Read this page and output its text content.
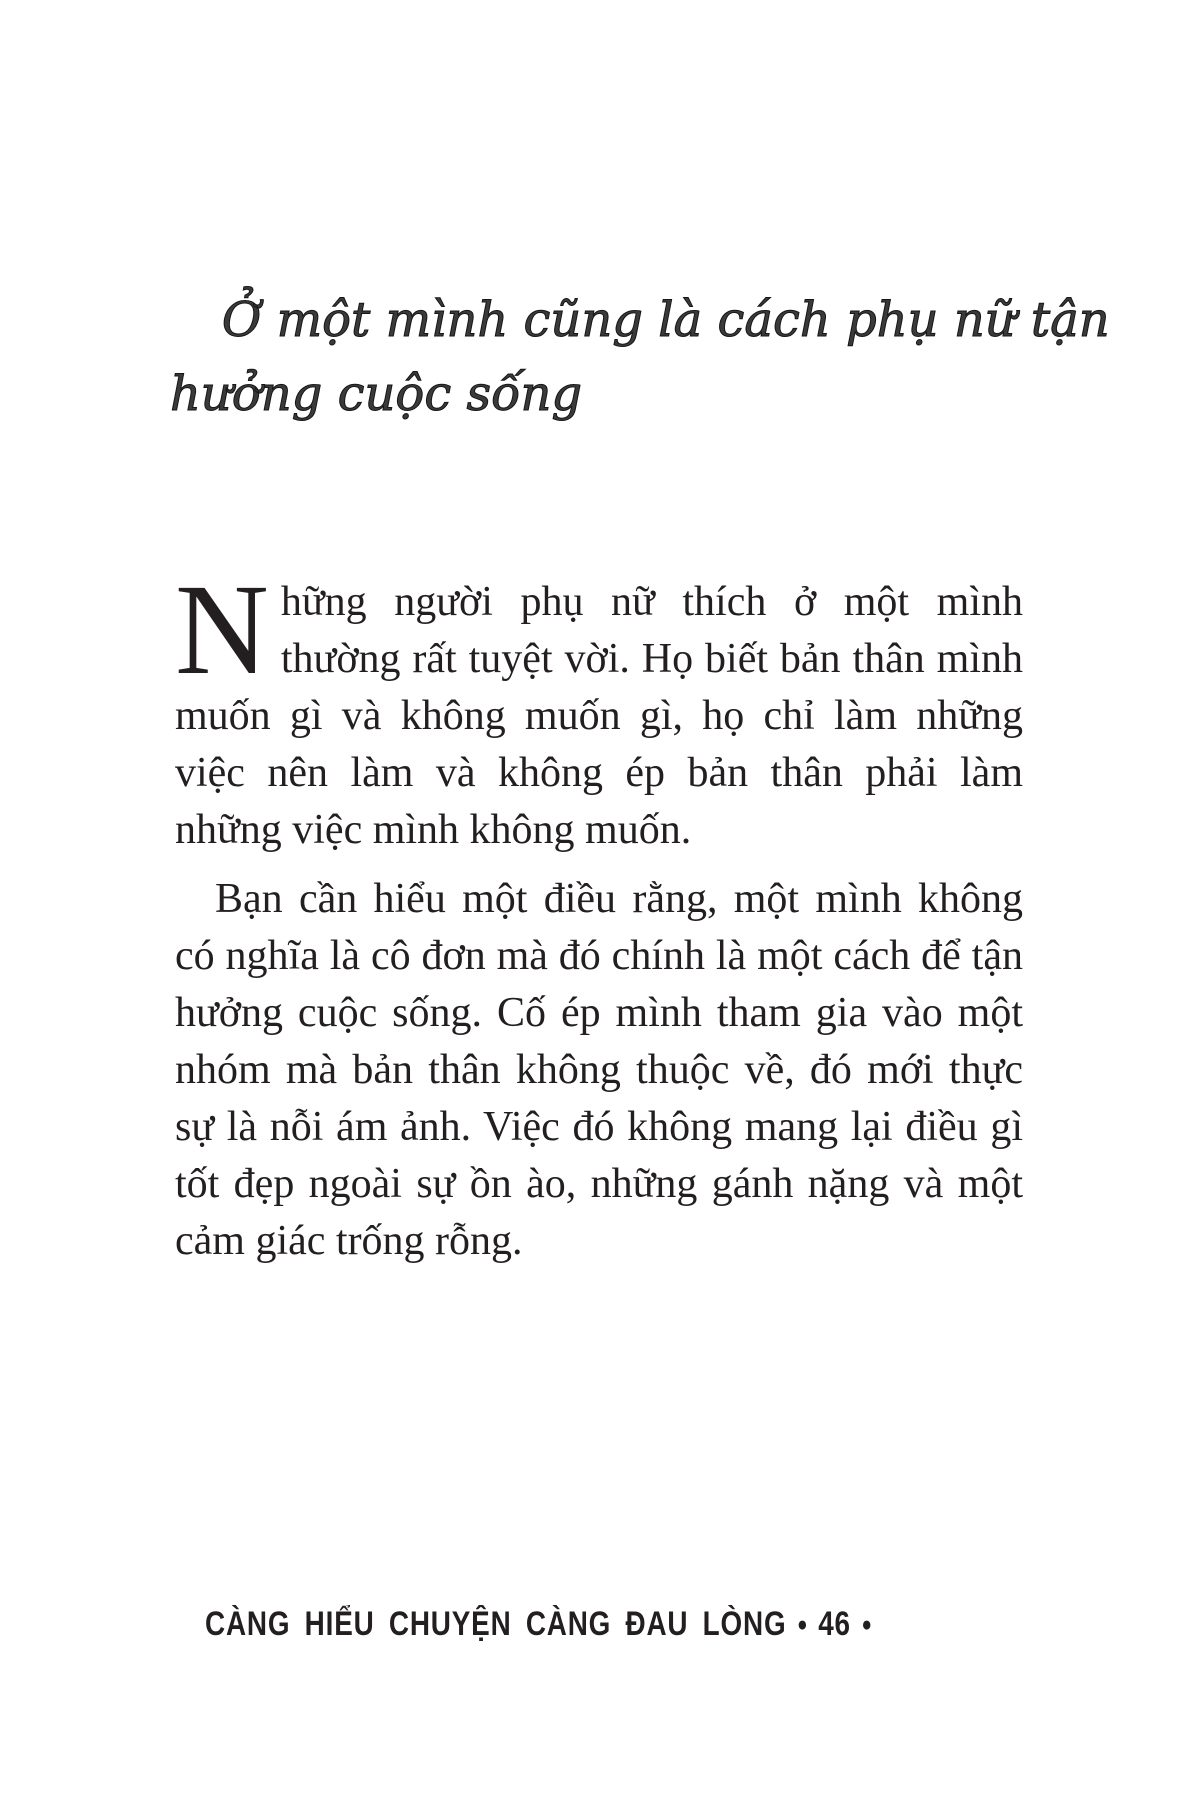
Ở một mình cũng là cách phụ nữ tận
hưởng cuộc sống

Những người phụ nữ thích ở một mình thường rất tuyệt vời. Họ biết bản thân mình muốn gì và không muốn gì, họ chỉ làm những việc nên làm và không ép bản thân phải làm những việc mình không muốn.

Bạn cần hiểu một điều rằng, một mình không có nghĩa là cô đơn mà đó chính là một cách để tận hưởng cuộc sống. Cố ép mình tham gia vào một nhóm mà bản thân không thuộc về, đó mới thực sự là nỗi ám ảnh. Việc đó không mang lại điều gì tốt đẹp ngoài sự ồn ào, những gánh nặng và một cảm giác trống rỗng.

CÀNG HIỂU CHUYỆN CÀNG ĐAU LÒNG ● 46 ●
